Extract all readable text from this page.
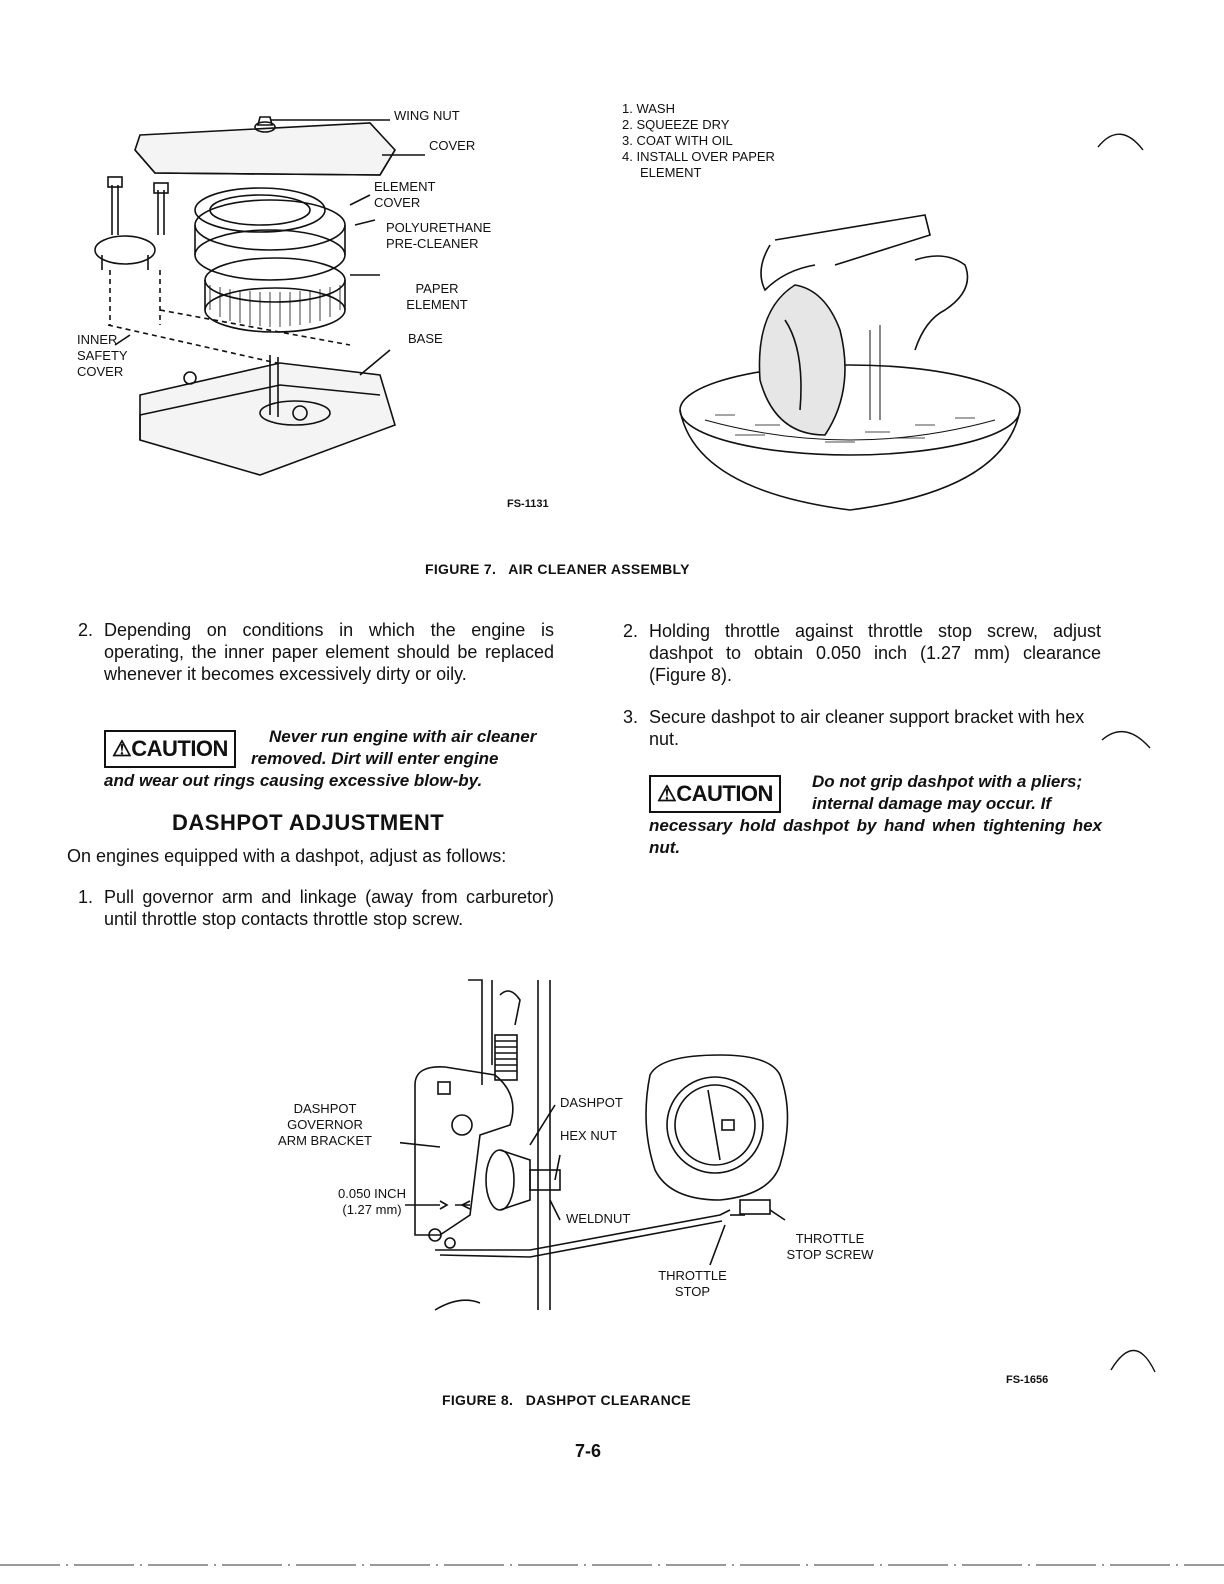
WING NUT
COVER
ELEMENT
COVER
POLYURETHANE
PRE-CLEANER
PAPER
ELEMENT
BASE
INNER
SAFETY
COVER
1. WASH
2. SQUEEZE DRY
3. COAT WITH OIL
4. INSTALL OVER PAPER
ELEMENT
FS-1131
FIGURE 7.   AIR CLEANER ASSEMBLY
2. Depending on conditions in which the engine is operating, the inner paper element should be replaced whenever it becomes excessively dirty or oily.
⚠CAUTION	Never run engine with air cleaner
removed. Dirt will enter engine
and wear out rings causing excessive blow-by.
DASHPOT ADJUSTMENT
On engines equipped with a dashpot, adjust as follows:
1. Pull governor arm and linkage (away from carburetor) until throttle stop contacts throttle stop screw.
2. Holding throttle against throttle stop screw, adjust dashpot to obtain 0.050 inch (1.27 mm) clearance (Figure 8).
3. Secure dashpot to air cleaner support bracket with hex nut.
⚠CAUTION	Do not grip dashpot with a pliers;
internal damage may occur. If
necessary hold dashpot by hand when tightening hex nut.
DASHPOT
GOVERNOR
ARM BRACKET
0.050 INCH
(1.27 mm)
DASHPOT
HEX NUT
WELDNUT
THROTTLE
STOP
THROTTLE
STOP SCREW
FS-1656
FIGURE 8.   DASHPOT CLEARANCE
7-6
